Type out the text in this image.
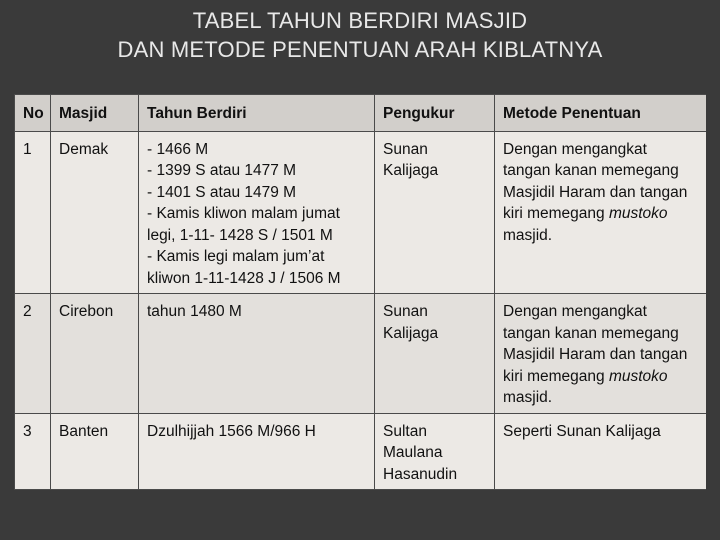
TABEL TAHUN BERDIRI MASJID
DAN METODE PENENTUAN ARAH KIBLATNYA
No	Masjid	Tahun Berdiri	Pengukur	Metode Penentuan
1	Demak	- 1466 M
- 1399 S atau 1477 M
- 1401 S atau 1479 M
- Kamis kliwon malam jumat legi, 1-11- 1428 S / 1501 M
- Kamis legi malam jum’at kliwon 1-11-1428 J / 1506 M	Sunan Kalijaga	Dengan mengangkat tangan kanan memegang Masjidil Haram dan tangan kiri memegang mustoko masjid.
2	Cirebon	tahun 1480 M	Sunan Kalijaga	Dengan mengangkat tangan kanan memegang Masjidil Haram dan tangan kiri memegang mustoko masjid.
3	Banten	Dzulhijjah 1566 M/966 H	Sultan Maulana Hasanudin	Seperti Sunan Kalijaga
